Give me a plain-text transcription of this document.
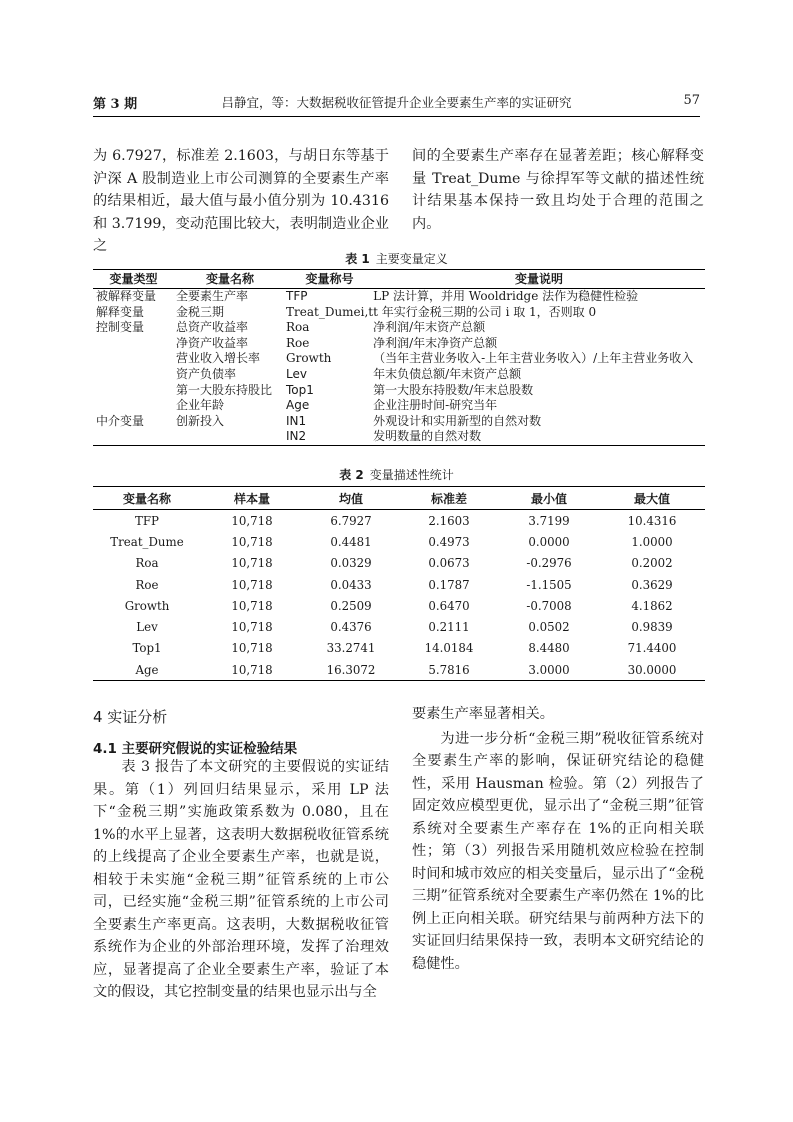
第 3 期	吕静宜，等：大数据税收征管提升企业全要素生产率的实证研究	57
为 6.7927，标准差 2.1603，与胡日东等基于沪深 A 股制造业上市公司测算的全要素生产率的结果相近，最大值与最小值分别为 10.4316 和 3.7199，变动范围比较大，表明制造业企业之
间的全要素生产率存在显著差距；核心解释变量 Treat_Dume 与徐捍军等文献的描述性统计结果基本保持一致且均处于合理的范围之内。
表 1 主要变量定义
变量类型	变量名称	变量称号	变量说明
被解释变量	全要素生产率	TFP	LP 法计算，并用 Wooldridge 法作为稳健性检验
解释变量	金税三期	Treat_Dumei,t	t 年实行金税三期的公司 i 取 1，否则取 0
控制变量	总资产收益率	Roa	净利润/年末资产总额
	净资产收益率	Roe	净利润/年末净资产总额
	营业收入增长率	Growth	（当年主营业务收入-上年主营业务收入）/上年主营业务收入
	资产负债率	Lev	年末负债总额/年末资产总额
	第一大股东持股比	Top1	第一大股东持股数/年末总股数
	企业年龄	Age	企业注册时间-研究当年
中介变量	创新投入	IN1	外观设计和实用新型的自然对数
		IN2	发明数量的自然对数
表 2 变量描述性统计
变量名称	样本量	均值	标准差	最小值	最大值
TFP	10,718	6.7927	2.1603	3.7199	10.4316
Treat_Dume	10,718	0.4481	0.4973	0.0000	1.0000
Roa	10,718	0.0329	0.0673	-0.2976	0.2002
Roe	10,718	0.0433	0.1787	-1.1505	0.3629
Growth	10,718	0.2509	0.6470	-0.7008	4.1862
Lev	10,718	0.4376	0.2111	0.0502	0.9839
Top1	10,718	33.2741	14.0184	8.4480	71.4400
Age	10,718	16.3072	5.7816	3.0000	30.0000
4 实证分析
4.1 主要研究假说的实证检验结果
表 3 报告了本文研究的主要假说的实证结果。第（1）列回归结果显示，采用 LP 法下“金税三期”实施政策系数为 0.080，且在 1%的水平上显著，这表明大数据税收征管系统的上线提高了企业全要素生产率，也就是说，相较于未实施“金税三期”征管系统的上市公司，已经实施“金税三期”征管系统的上市公司全要素生产率更高。这表明，大数据税收征管系统作为企业的外部治理环境，发挥了治理效应，显著提高了企业全要素生产率，验证了本文的假设，其它控制变量的结果也显示出与全
要素生产率显著相关。
为进一步分析“金税三期”税收征管系统对全要素生产率的影响，保证研究结论的稳健性，采用 Hausman 检验。第（2）列报告了固定效应模型更优，显示出了“金税三期”征管系统对全要素生产率存在 1%的正向相关联性；第（3）列报告采用随机效应检验在控制时间和城市效应的相关变量后，显示出了“金税三期”征管系统对全要素生产率仍然在 1%的比例上正向相关联。研究结果与前两种方法下的实证回归结果保持一致，表明本文研究结论的稳健性。
